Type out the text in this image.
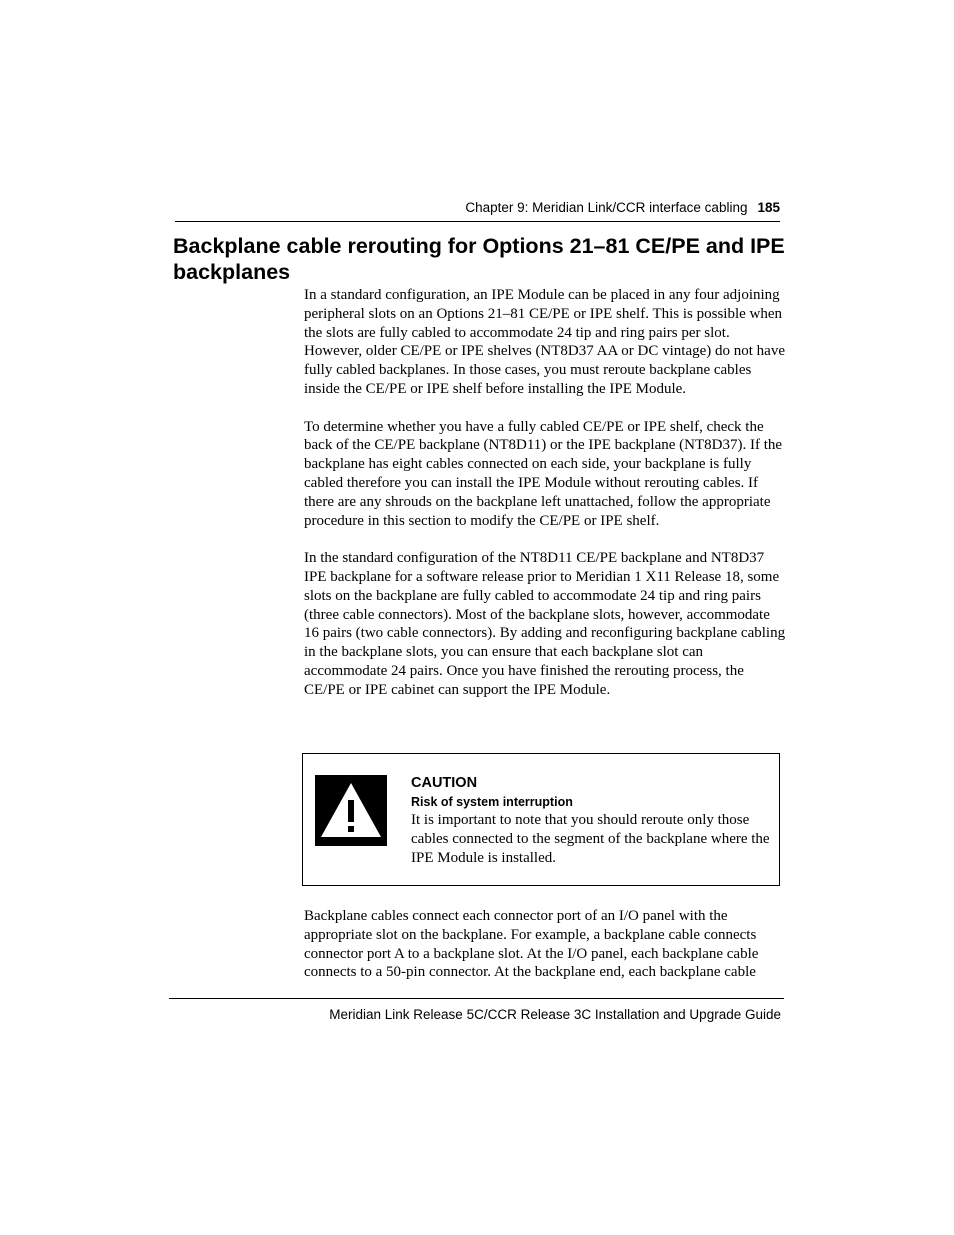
Chapter 9: Meridian Link/CCR interface cabling 185
Backplane cable rerouting for Options 21–81 CE/PE and IPE backplanes

In a standard configuration, an IPE Module can be placed in any four adjoining peripheral slots on an Options 21–81 CE/PE or IPE shelf. This is possible when the slots are fully cabled to accommodate 24 tip and ring pairs per slot. However, older CE/PE or IPE shelves (NT8D37 AA or DC vintage) do not have fully cabled backplanes. In those cases, you must reroute backplane cables inside the CE/PE or IPE shelf before installing the IPE Module.

To determine whether you have a fully cabled CE/PE or IPE shelf, check the back of the CE/PE backplane (NT8D11) or the IPE backplane (NT8D37). If the backplane has eight cables connected on each side, your backplane is fully cabled therefore you can install the IPE Module without rerouting cables. If there are any shrouds on the backplane left unattached, follow the appropriate procedure in this section to modify the CE/PE or IPE shelf.

In the standard configuration of the NT8D11 CE/PE backplane and NT8D37 IPE backplane for a software release prior to Meridian 1 X11 Release 18, some slots on the backplane are fully cabled to accommodate 24 tip and ring pairs (three cable connectors). Most of the backplane slots, however, accommodate 16 pairs (two cable connectors). By adding and reconfiguring backplane cabling in the backplane slots, you can ensure that each backplane slot can accommodate 24 pairs. Once you have finished the rerouting process, the CE/PE or IPE cabinet can support the IPE Module.

CAUTION
Risk of system interruption
It is important to note that you should reroute only those cables connected to the segment of the backplane where the IPE Module is installed.

Backplane cables connect each connector port of an I/O panel with the appropriate slot on the backplane. For example, a backplane cable connects connector port A to a backplane slot. At the I/O panel, each backplane cable connects to a 50-pin connector. At the backplane end, each backplane cable

Meridian Link Release 5C/CCR Release 3C Installation and Upgrade Guide
